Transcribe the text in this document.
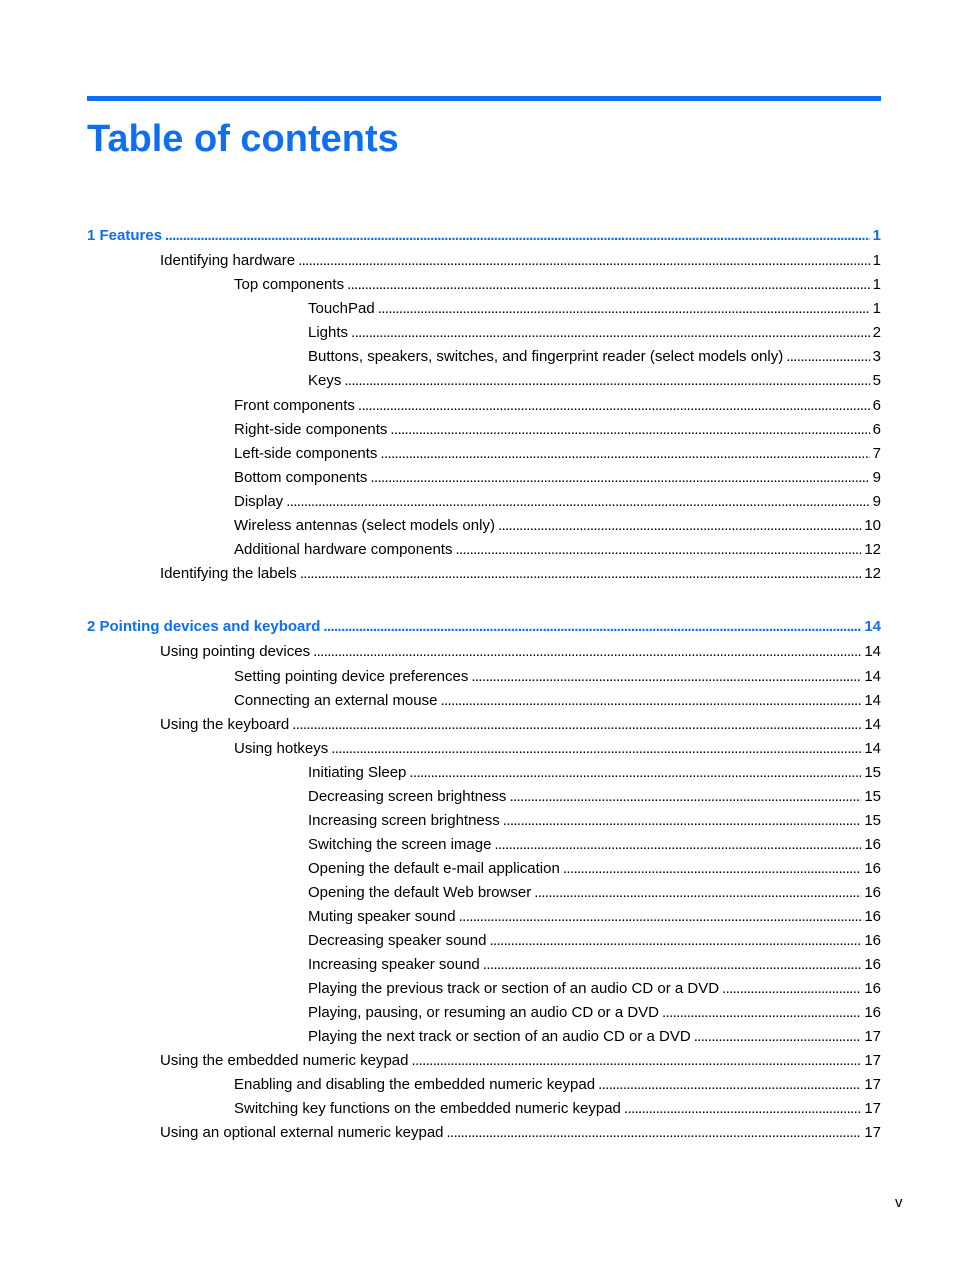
Table of contents
1 Features . . .	1
Identifying hardware . . .	1
Top components . . .	1
TouchPad . . .	1
Lights . . .	2
Buttons, speakers, switches, and fingerprint reader (select models only) . . .	3
Keys . . .	5
Front components . . .	6
Right-side components . . .	6
Left-side components . . .	7
Bottom components . . .	9
Display . . .	9
Wireless antennas (select models only) . . .	10
Additional hardware components . . .	12
Identifying the labels . . .	12
2 Pointing devices and keyboard . . .	14
Using pointing devices . . .	14
Setting pointing device preferences . . .	14
Connecting an external mouse . . .	14
Using the keyboard . . .	14
Using hotkeys . . .	14
Initiating Sleep . . .	15
Decreasing screen brightness . . .	15
Increasing screen brightness . . .	15
Switching the screen image . . .	16
Opening the default e-mail application . . .	16
Opening the default Web browser . . .	16
Muting speaker sound . . .	16
Decreasing speaker sound . . .	16
Increasing speaker sound . . .	16
Playing the previous track or section of an audio CD or a DVD . . .	16
Playing, pausing, or resuming an audio CD or a DVD . . .	16
Playing the next track or section of an audio CD or a DVD . . .	17
Using the embedded numeric keypad . . .	17
Enabling and disabling the embedded numeric keypad . . .	17
Switching key functions on the embedded numeric keypad . . .	17
Using an optional external numeric keypad . . .	17
v
